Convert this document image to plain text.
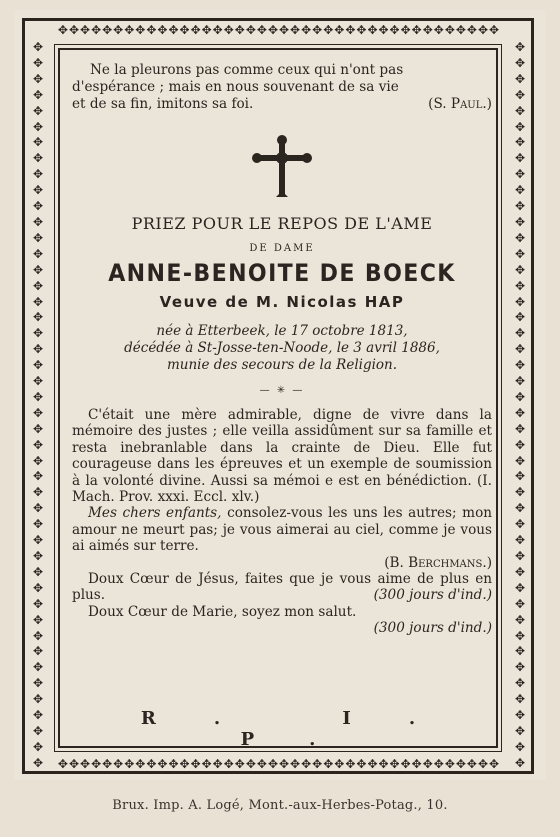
✥✥✥✥✥✥✥✥✥✥✥✥✥✥✥✥✥✥✥✥✥✥✥✥✥✥✥✥✥✥✥✥✥✥✥✥✥✥✥✥
✥✥✥✥✥✥✥✥✥✥✥✥✥✥✥✥✥✥✥✥✥✥✥✥✥✥✥✥✥✥✥✥✥✥✥✥✥✥✥✥
✥✥✥✥✥✥✥✥✥✥✥✥✥✥✥✥✥✥✥✥✥✥✥✥✥✥✥✥✥✥✥✥✥✥✥✥✥✥✥✥✥✥✥✥✥✥
✥✥✥✥✥✥✥✥✥✥✥✥✥✥✥✥✥✥✥✥✥✥✥✥✥✥✥✥✥✥✥✥✥✥✥✥✥✥✥✥✥✥✥✥✥✥

Ne la pleurons pas comme ceux qui n'ont pas

d'espérance ; mais en nous souvenant de sa vie

et de sa fin, imitons sa foi.	(S. Paul.)

PRIEZ POUR LE REPOS DE L'AME
DE DAME
ANNE-BENOITE DE BOECK
Veuve de M. Nicolas HAP
née à Etterbeek, le 17 octobre 1813,
décédée à St-Josse-ten-Noode, le 3 avril 1886,
munie des secours de la Religion.
— ✳ —

C'était une mère admirable, digne de vivre dans la mémoire des justes ; elle veilla assidûment sur sa famille et resta inebranlable dans la crainte de Dieu. Elle fut courageuse dans les épreuves et un exemple de soumission à la volonté divine. Aussi sa mémoi e est en bénédiction. (I. Mach. Prov. xxxi. Eccl. xlv.)

Mes chers enfants, consolez-vous les uns les autres; mon amour ne meurt pas; je vous aimerai au ciel, comme je vous ai aimés sur terre.

(B. Berchmans.)

Doux Cœur de Jésus, faites que je vous aime de plus en plus.	(300 jours d'ind.)

Doux Cœur de Marie, soyez mon salut.

(300 jours d'ind.)

R. I. P.
Brux. Imp. A. Logé, Mont.-aux-Herbes-Potag., 10.
